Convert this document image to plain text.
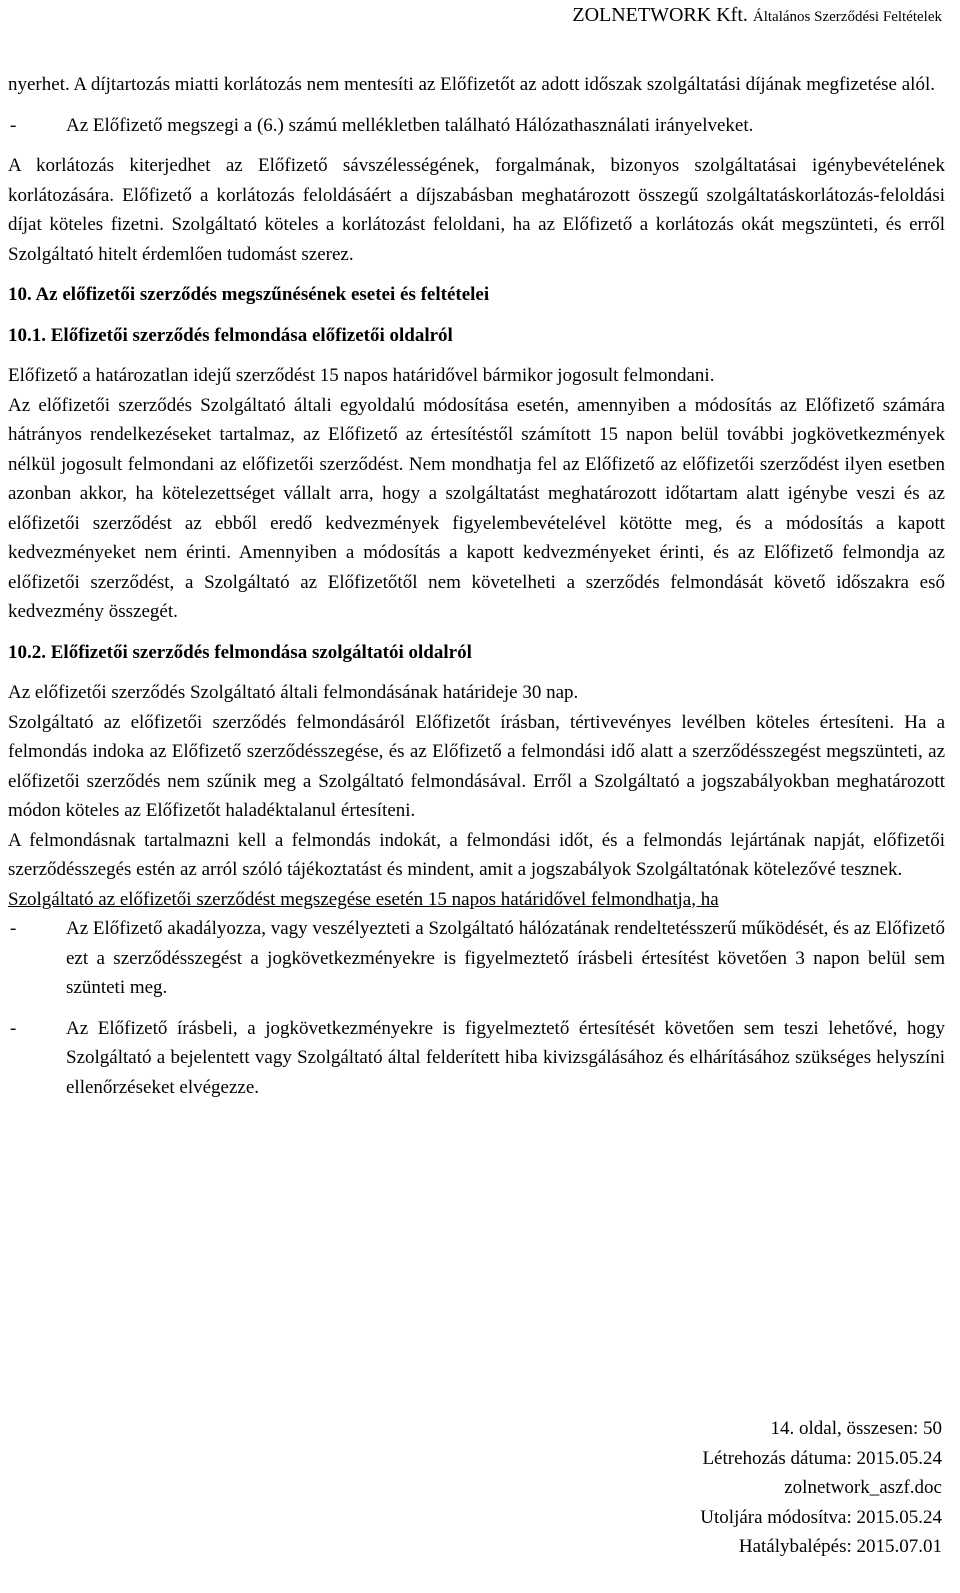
ZOLNETWORK Kft. Általános Szerződési Feltételek

nyerhet. A díjtartozás miatti korlátozás nem mentesíti az Előfizetőt az adott időszak szolgáltatási díjának megfizetése alól.

-	Az Előfizető megszegi a (6.) számú mellékletben található Hálózathasználati irányelveket.

A korlátozás kiterjedhet az Előfizető sávszélességének, forgalmának, bizonyos szolgáltatásai igénybevételének korlátozására. Előfizető a korlátozás feloldásáért a díjszabásban meghatározott összegű szolgáltatáskorlátozás-feloldási díjat köteles fizetni. Szolgáltató köteles a korlátozást feloldani, ha az Előfizető a korlátozás okát megszünteti, és erről Szolgáltató hitelt érdemlően tudomást szerez.

10. Az előfizetői szerződés megszűnésének esetei és feltételei

10.1. Előfizetői szerződés felmondása előfizetői oldalról

Előfizető a határozatlan idejű szerződést 15 napos határidővel bármikor jogosult felmondani.

Az előfizetői szerződés Szolgáltató általi egyoldalú módosítása esetén, amennyiben a módosítás az Előfizető számára hátrányos rendelkezéseket tartalmaz, az Előfizető az értesítéstől számított 15 napon belül további jogkövetkezmények nélkül jogosult felmondani az előfizetői szerződést. Nem mondhatja fel az Előfizető az előfizetői szerződést ilyen esetben azonban akkor, ha kötelezettséget vállalt arra, hogy a szolgáltatást meghatározott időtartam alatt igénybe veszi és az előfizetői szerződést az ebből eredő kedvezmények figyelembevételével kötötte meg, és a módosítás a kapott kedvezményeket nem érinti. Amennyiben a módosítás a kapott kedvezményeket érinti, és az Előfizető felmondja az előfizetői szerződést, a Szolgáltató az Előfizetőtől nem követelheti a szerződés felmondását követő időszakra eső kedvezmény összegét.

10.2. Előfizetői szerződés felmondása szolgáltatói oldalról

Az előfizetői szerződés Szolgáltató általi felmondásának határideje 30 nap.

Szolgáltató az előfizetői szerződés felmondásáról Előfizetőt írásban, tértivevényes levélben köteles értesíteni. Ha a felmondás indoka az Előfizető szerződésszegése, és az Előfizető a felmondási idő alatt a szerződésszegést megszünteti, az előfizetői szerződés nem szűnik meg a Szolgáltató felmondásával. Erről a Szolgáltató a jogszabályokban meghatározott módon köteles az Előfizetőt haladéktalanul értesíteni.

A felmondásnak tartalmazni kell a felmondás indokát, a felmondási időt, és a felmondás lejártának napját, előfizetői szerződésszegés estén az arról szóló tájékoztatást és mindent, amit a jogszabályok Szolgáltatónak kötelezővé tesznek.

Szolgáltató az előfizetői szerződést megszegése esetén 15 napos határidővel felmondhatja, ha

-	Az Előfizető akadályozza, vagy veszélyezteti a Szolgáltató hálózatának rendeltetésszerű működését, és az Előfizető ezt a szerződésszegést a jogkövetkezményekre is figyelmeztető írásbeli értesítést követően 3 napon belül sem szünteti meg.
-	Az Előfizető írásbeli, a jogkövetkezményekre is figyelmeztető értesítését követően sem teszi lehetővé, hogy Szolgáltató a bejelentett vagy Szolgáltató által felderített hiba kivizsgálásához és elhárításához szükséges helyszíni ellenőrzéseket elvégezze.
14. oldal, összesen: 50
Létrehozás dátuma: 2015.05.24
zolnetwork_aszf.doc
Utoljára módosítva: 2015.05.24
Hatálybalépés: 2015.07.01
